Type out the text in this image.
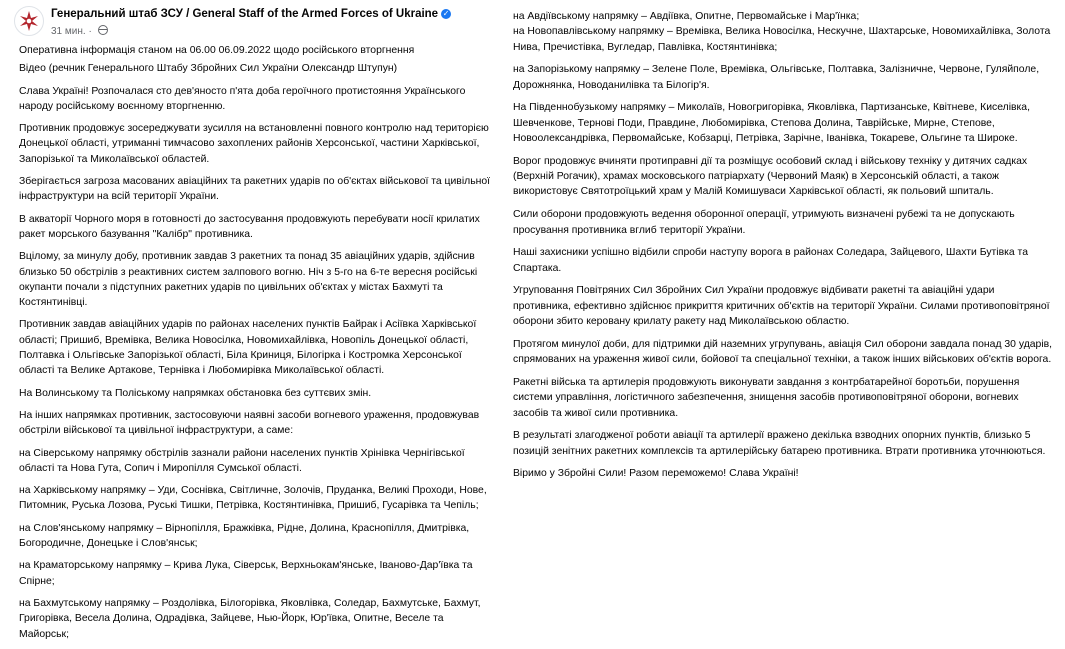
Генеральний штаб ЗСУ / General Staff of the Armed Forces of Ukraine ✓
31 мин. ·

Оперативна інформація станом на 06.00 06.09.2022 щодо російського вторгнення

Відео (речник Генерального Штабу Збройних Сил України Олександр Штупун)

Слава Україні! Розпочалася сто дев'яносто п'ята доба героїчного протистояння Українського народу російському воєнному вторгненню.

Противник продовжує зосереджувати зусилля на встановленні повного контролю над територією Донецької області, утриманні тимчасово захоплених районів Херсонської, частини Харківської, Запорізької та Миколаївської областей.

Зберігається загроза масованих авіаційних та ракетних ударів по об'єктах військової та цивільної інфраструктури на всій території України.

В акваторії Чорного моря в готовності до застосування продовжують перебувати носії крилатих ракет морського базування "Калібр" противника.

Вцілому, за минулу добу, противник завдав 3 ракетних та понад 35 авіаційних ударів, здійснив близько 50 обстрілів з реактивних систем залпового вогню. Ніч з 5-го на 6-те вересня російські окупанти почали з підступних ракетних ударів по цивільних об'єктах у містах Бахмуті та Костянтинівці.

Противник завдав авіаційних ударів по районах населених пунктів Байрак і Асіївка Харківської області; Пришиб, Времівка, Велика Новосілка, Новомихайлівка, Новопіль Донецької області, Полтавка і Ольгівське Запорізької області, Біла Криниця, Білогірка і Костромка Херсонської області та Велике Артакове, Тернівка і Любомирівка Миколаївської області.

На Волинському та Поліському напрямках обстановка без суттєвих змін.

На інших напрямках противник, застосовуючи наявні засоби вогневого ураження, продовжував обстріли військової та цивільної інфраструктури, а саме:

на Сіверському напрямку обстрілів зазнали райони населених пунктів Хрінівка Чернігівської області та Нова Гута, Сопич і Миропілля Сумської області.

на Харківському напрямку – Уди, Соснівка, Світличне, Золочів, Пруданка, Великі Проходи, Нове, Питомник, Руська Лозова, Руські Тишки, Петрівка, Костянтинівка, Пришиб, Гусарівка та Чепіль;

на Слов'янському напрямку – Вірнопілля, Бражківка, Рідне, Долина, Краснопілля, Дмитрівка, Богородичне, Донецьке і Слов'янськ;

на Краматорському напрямку – Крива Лука, Сіверськ, Верхньокам'янське, Іваново-Дар'ївка та Спірне;

на Бахмутському напрямку – Роздолівка, Білогорівка, Яковлівка, Соледар, Бахмутське, Бахмут, Григорівка, Весела Долина, Одрадівка, Зайцеве, Нью-Йорк, Юр'ївка, Опитне, Веселе та Майорськ;

на Авдіївському напрямку – Авдіївка, Опитне, Первомайське і Мар'їнка;
на Новопавлівському напрямку – Времівка, Велика Новосілка, Нескучне, Шахтарське, Новомихайлівка, Золота Нива, Пречистівка, Вугледар, Павлівка, Костянтинівка;

на Запорізькому напрямку – Зелене Поле, Времівка, Ольгівське, Полтавка, Залізничне, Червоне, Гуляйполе, Дорожнянка, Новоданилівка та Білогір'я.

На Південнобузькому напрямку – Миколаїв, Новогригорівка, Яковлівка, Партизанське, Квітневе, Киселівка, Шевченкове, Тернові Поди, Правдине, Любомирівка, Степова Долина, Таврійське, Мирне, Степове, Новоолександрівка, Первомайське, Кобзарці, Петрівка, Зарічне, Іванівка, Токареве, Ольгине та Широке.

Ворог продовжує вчиняти протиправні дії та розміщує особовий склад і військову техніку у дитячих садках (Верхній Рогачик), храмах московського патріархату (Червоний Маяк) в Херсонській області, а також використовує Святотроїцький храм у Малій Комишуваси Харківської області, як польовий шпиталь.

Сили оборони продовжують ведення оборонної операції, утримують визначені рубежі та не допускають просування противника вглиб території України.

Наші захисники успішно відбили спроби наступу ворога в районах Соледара, Зайцевого, Шахти Бутівка та Спартака.

Угруповання Повітряних Сил Збройних Сил України продовжує відбивати ракетні та авіаційні удари противника, ефективно здійснює прикриття критичних об'єктів на території України. Силами противоповітряної оборони збито керовану крилату ракету над Миколаївською областю.

Протягом минулої доби, для підтримки дій наземних угрупувань, авіація Сил оборони завдала понад 30 ударів, спрямованих на ураження живої сили, бойової та спеціальної техніки, а також інших військових об'єктів ворога.

Ракетні війська та артилерія продовжують виконувати завдання з контрбатарейної боротьби, порушення системи управління, логістичного забезпечення, знищення засобів противоповітряної оборони, вогневих засобів та живої сили противника.

В результаті злагодженої роботи авіації та артилерії вражено декілька взводних опорних пунктів, близько 5 позицій зенітних ракетних комплексів та артилерійську батарею противника. Втрати противника уточнюються.

Віримо у Збройні Сили! Разом переможемо! Слава Україні!
